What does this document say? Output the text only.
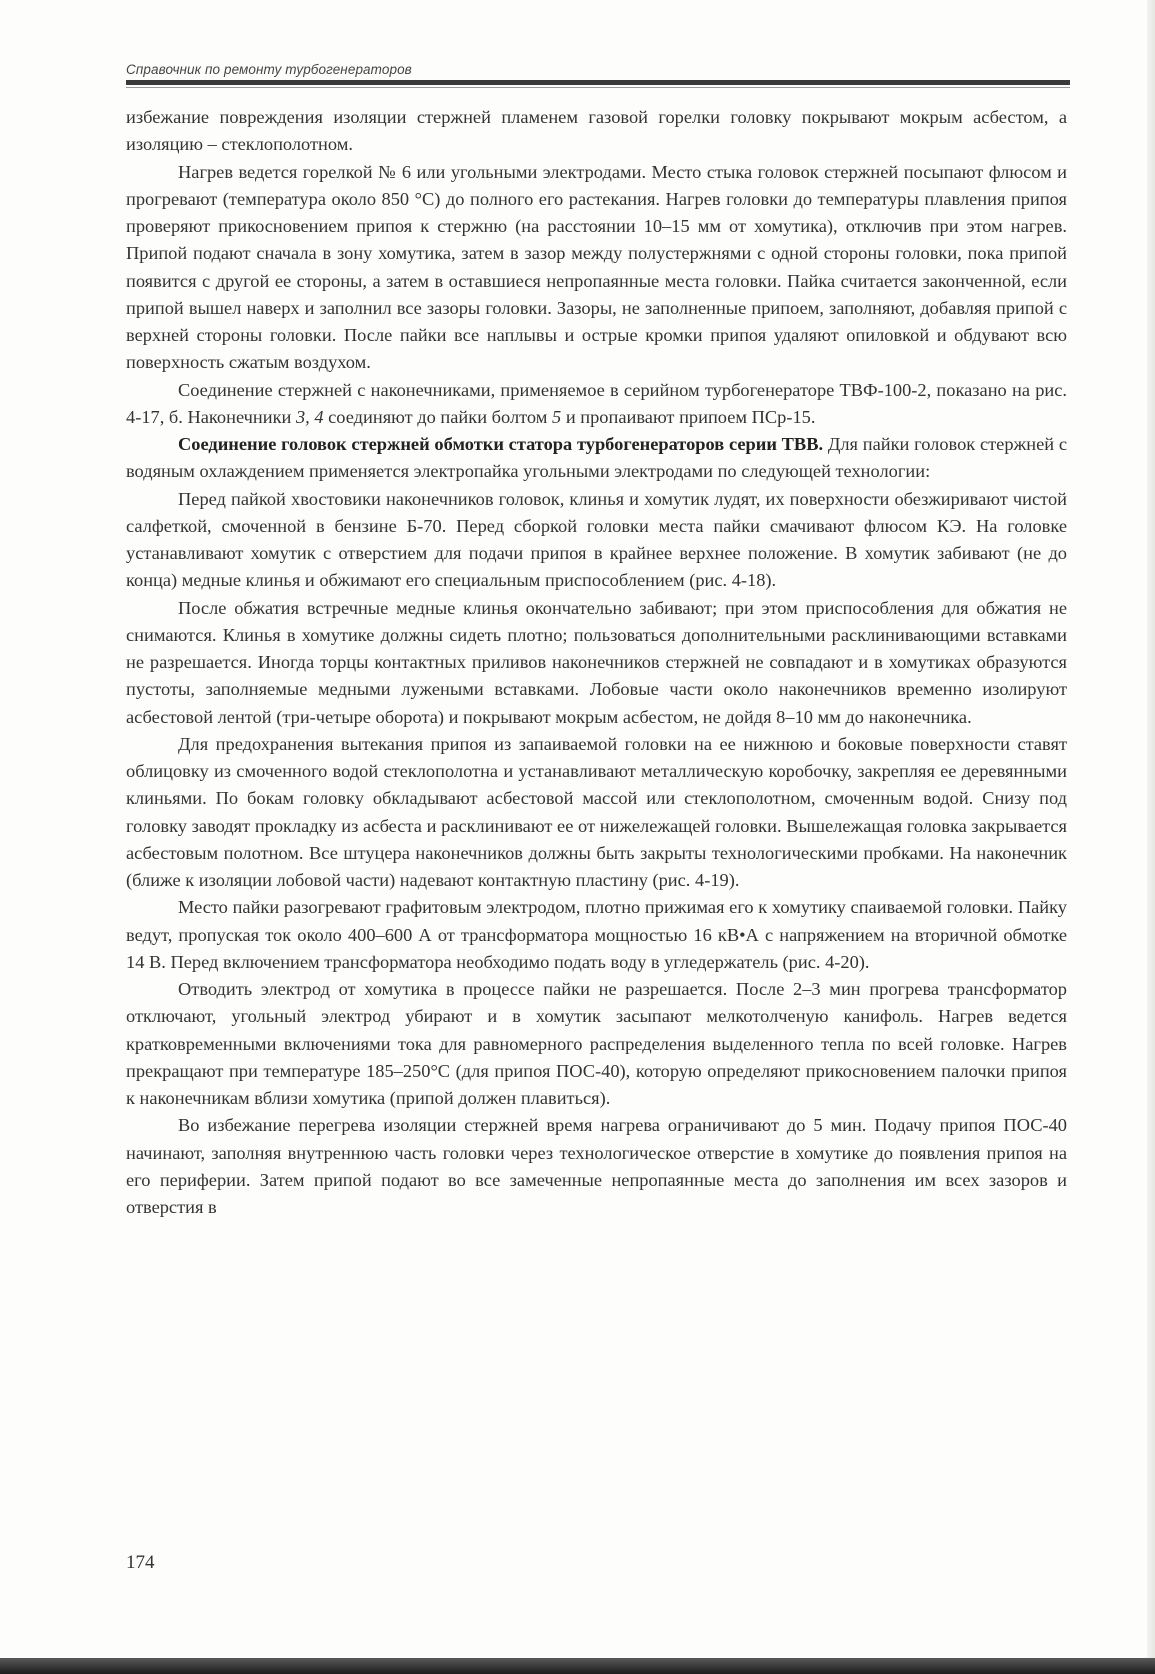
Справочник по ремонту турбогенераторов

избежание повреждения изоляции стержней пламенем газовой горелки головку покрывают мокрым асбестом, а изоляцию – стеклополотном.

Нагрев ведется горелкой № 6 или угольными электродами. Место стыка головок стержней посыпают флюсом и прогревают (температура около 850 °С) до полного его растекания. Нагрев головки до температуры плавления припоя проверяют прикосновением припоя к стержню (на расстоянии 10–15 мм от хомутика), отключив при этом нагрев. Припой подают сначала в зону хомутика, затем в зазор между полустержнями с одной стороны головки, пока припой появится с другой ее стороны, а затем в оставшиеся непропаянные места головки. Пайка считается законченной, если припой вышел наверх и заполнил все зазоры головки. Зазоры, не заполненные припоем, заполняют, добавляя припой с верхней стороны головки. После пайки все наплывы и острые кромки припоя удаляют опиловкой и обдувают всю поверхность сжатым воздухом.

Соединение стержней с наконечниками, применяемое в серийном турбогенераторе ТВФ-100-2, показано на рис. 4-17, б. Наконечники 3, 4 соединяют до пайки болтом 5 и пропаивают припоем ПСр-15.

Соединение головок стержней обмотки статора турбогенераторов серии ТВВ. Для пайки головок стержней с водяным охлаждением применяется электропайка угольными электродами по следующей технологии:

Перед пайкой хвостовики наконечников головок, клинья и хомутик лудят, их поверхности обезжиривают чистой салфеткой, смоченной в бензине Б-70. Перед сборкой головки места пайки смачивают флюсом КЭ. На головке устанавливают хомутик с отверстием для подачи припоя в крайнее верхнее положение. В хомутик забивают (не до конца) медные клинья и обжимают его специальным приспособлением (рис. 4-18).

После обжатия встречные медные клинья окончательно забивают; при этом приспособления для обжатия не снимаются. Клинья в хомутике должны сидеть плотно; пользоваться дополнительными расклинивающими вставками не разрешается. Иногда торцы контактных приливов наконечников стержней не совпадают и в хомутиках образуются пустоты, заполняемые медными лужеными вставками. Лобовые части около наконечников временно изолируют асбестовой лентой (три-четыре оборота) и покрывают мокрым асбестом, не дойдя 8–10 мм до наконечника.

Для предохранения вытекания припоя из запаиваемой головки на ее нижнюю и боковые поверхности ставят облицовку из смоченного водой стеклополотна и устанавливают металлическую коробочку, закрепляя ее деревянными клиньями. По бокам головку обкладывают асбестовой массой или стеклополотном, смоченным водой. Снизу под головку заводят прокладку из асбеста и расклинивают ее от нижележащей головки. Вышележащая головка закрывается асбестовым полотном. Все штуцера наконечников должны быть закрыты технологическими пробками. На наконечник (ближе к изоляции лобовой части) надевают контактную пластину (рис. 4-19).

Место пайки разогревают графитовым электродом, плотно прижимая его к хомутику спаиваемой головки. Пайку ведут, пропуская ток около 400–600 А от трансформатора мощностью 16 кВ•А с напряжением на вторичной обмотке 14 В. Перед включением трансформатора необходимо подать воду в угледержатель (рис. 4-20).

Отводить электрод от хомутика в процессе пайки не разрешается. После 2–3 мин прогрева трансформатор отключают, угольный электрод убирают и в хомутик засыпают мелкотолченую канифоль. Нагрев ведется кратковременными включениями тока для равномерного распределения выделенного тепла по всей головке. Нагрев прекращают при температуре 185–250°С (для припоя ПОС-40), которую определяют прикосновением палочки припоя к наконечникам вблизи хомутика (припой должен плавиться).

Во избежание перегрева изоляции стержней время нагрева ограничивают до 5 мин. Подачу припоя ПОС-40 начинают, заполняя внутреннюю часть головки через технологическое отверстие в хомутике до появления припоя на его периферии. Затем припой подают во все замеченные непропаянные места до заполнения им всех зазоров и отверстия в

174
